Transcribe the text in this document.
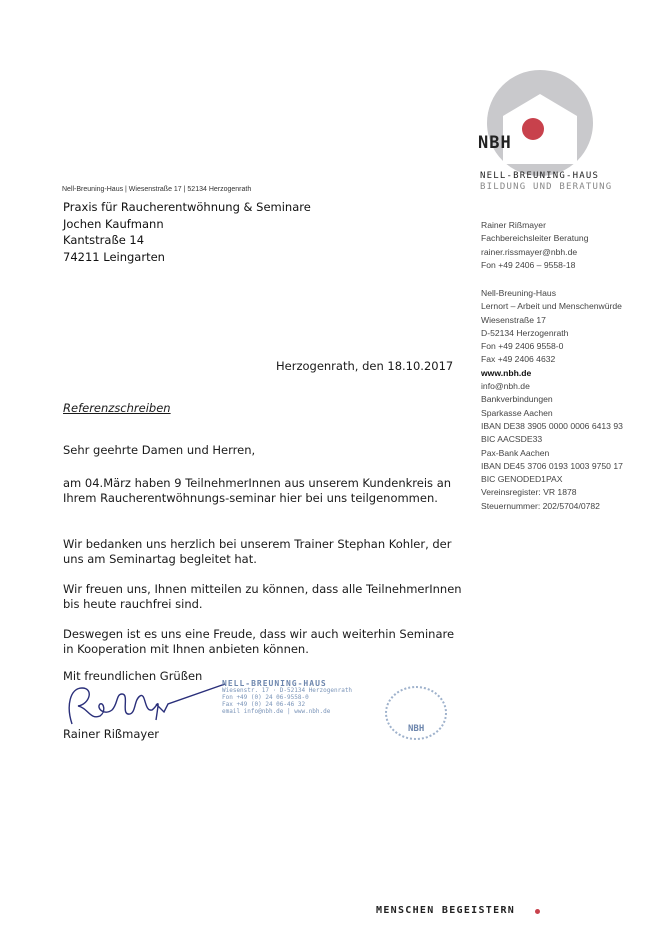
NBH
NELL-BREUNING-HAUS
BILDUNG UND BERATUNG
Nell-Breuning-Haus | Wiesenstraße 17 | 52134 Herzogenrath
Praxis für Raucherentwöhnung & Seminare
Jochen Kaufmann
Kantstraße 14
74211 Leingarten
Rainer Rißmayer
Fachbereichsleiter Beratung
rainer.rissmayer@nbh.de
Fon +49 2406 – 9558-18
Nell-Breuning-Haus
Lernort – Arbeit und Menschenwürde
Wiesenstraße 17
D-52134 Herzogenrath
Fon +49 2406 9558-0
Fax +49 2406 4632
www.nbh.de
info@nbh.de
Bankverbindungen
Sparkasse Aachen
IBAN DE38 3905 0000 0006 6413 93
BIC AACSDE33
Pax-Bank Aachen
IBAN DE45 3706 0193 1003 9750 17
BIC GENODED1PAX
Vereinsregister: VR 1878
Steuernummer: 202/5704/0782
Herzogenrath, den 18.10.2017
Referenzschreiben
Sehr geehrte Damen und Herren,
am 04.März haben 9 TeilnehmerInnen aus unserem Kundenkreis an Ihrem Raucherentwöhnungs-seminar hier bei uns teilgenommen.
Wir bedanken uns herzlich bei unserem Trainer Stephan Kohler, der uns am Seminartag begleitet hat.
Wir freuen uns, Ihnen mitteilen zu können, dass alle TeilnehmerInnen bis heute rauchfrei sind.
Deswegen ist es uns eine Freude, dass wir auch weiterhin Seminare in Kooperation mit Ihnen anbieten können.
Mit freundlichen Grüßen
Rainer Rißmayer
NELL-BREUNING-HAUS
Wiesenstr. 17 · D-52134 Herzogenrath
Fon +49 (0) 24 06-9558-0
Fax +49 (0) 24 06-46 32
email info@nbh.de | www.nbh.de
NBH
MENSCHEN BEGEISTERN
